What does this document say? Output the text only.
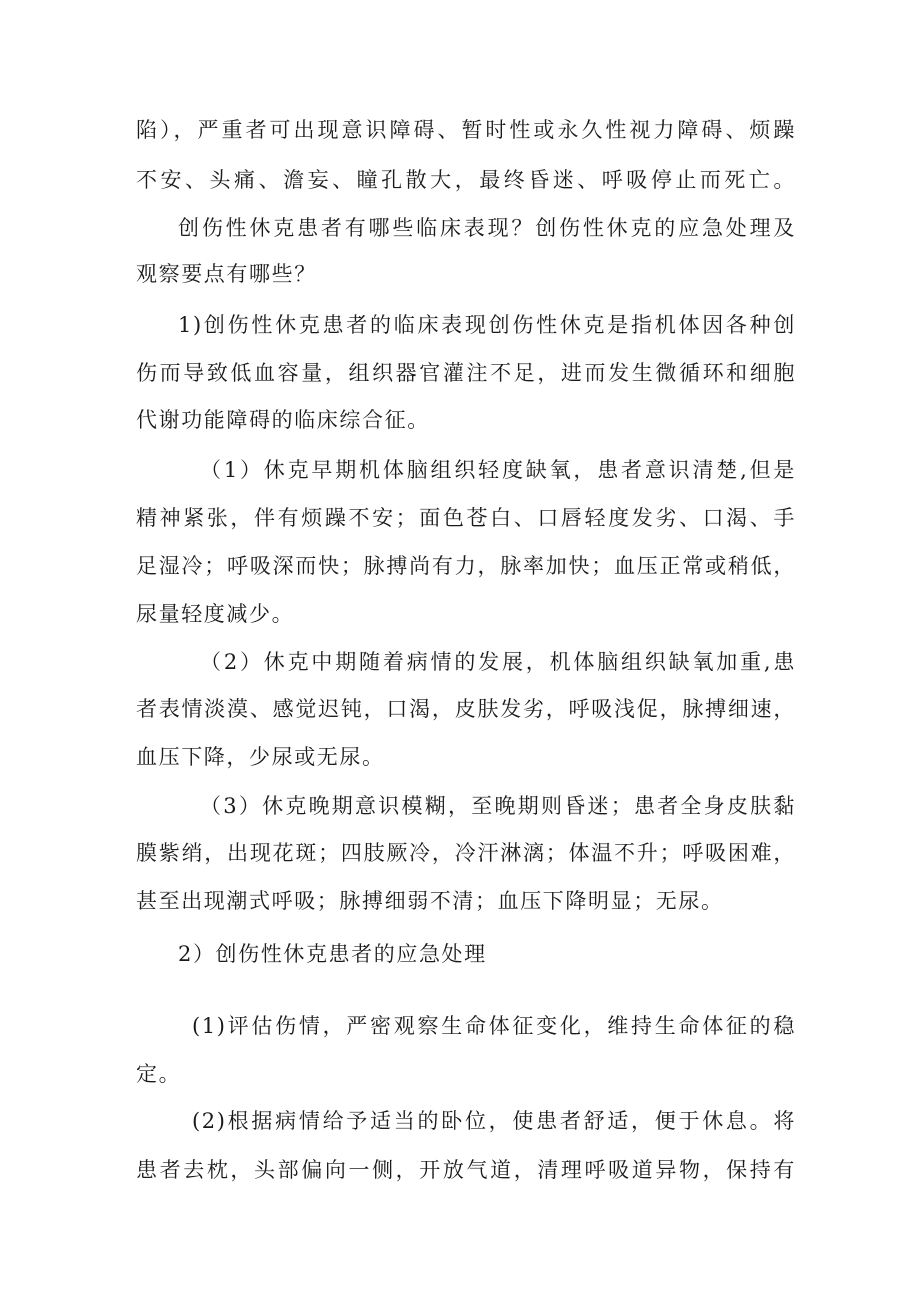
陷），严重者可出现意识障碍、暂时性或永久性视力障碍、烦躁
不安、头痛、澹妄、瞳孔散大，最终昏迷、呼吸停止而死亡。
创伤性休克患者有哪些临床表现？创伤性休克的应急处理及
观察要点有哪些？
1)创伤性休克患者的临床表现创伤性休克是指机体因各种创
伤而导致低血容量，组织器官灌注不足，进而发生微循环和细胞
代谢功能障碍的临床综合征。
（1）休克早期机体脑组织轻度缺氧，患者意识清楚,但是
精神紧张，伴有烦躁不安；面色苍白、口唇轻度发劣、口渴、手
足湿冷；呼吸深而快；脉搏尚有力，脉率加快；血压正常或稍低，
尿量轻度减少。
（2）休克中期随着病情的发展，机体脑组织缺氧加重,患
者表情淡漠、感觉迟钝，口渴，皮肤发劣，呼吸浅促，脉搏细速，
血压下降，少尿或无尿。
（3）休克晚期意识模糊，至晚期则昏迷；患者全身皮肤黏
膜紫绡，出现花斑；四肢厥冷，冷汗淋漓；体温不升；呼吸困难，
甚至出现潮式呼吸；脉搏细弱不清；血压下降明显；无尿。
2）创伤性休克患者的应急处理
(1)评估伤情，严密观察生命体征变化，维持生命体征的稳
定。
(2)根据病情给予适当的卧位，使患者舒适，便于休息。将
患者去枕，头部偏向一侧，开放气道，清理呼吸道异物，保持有
